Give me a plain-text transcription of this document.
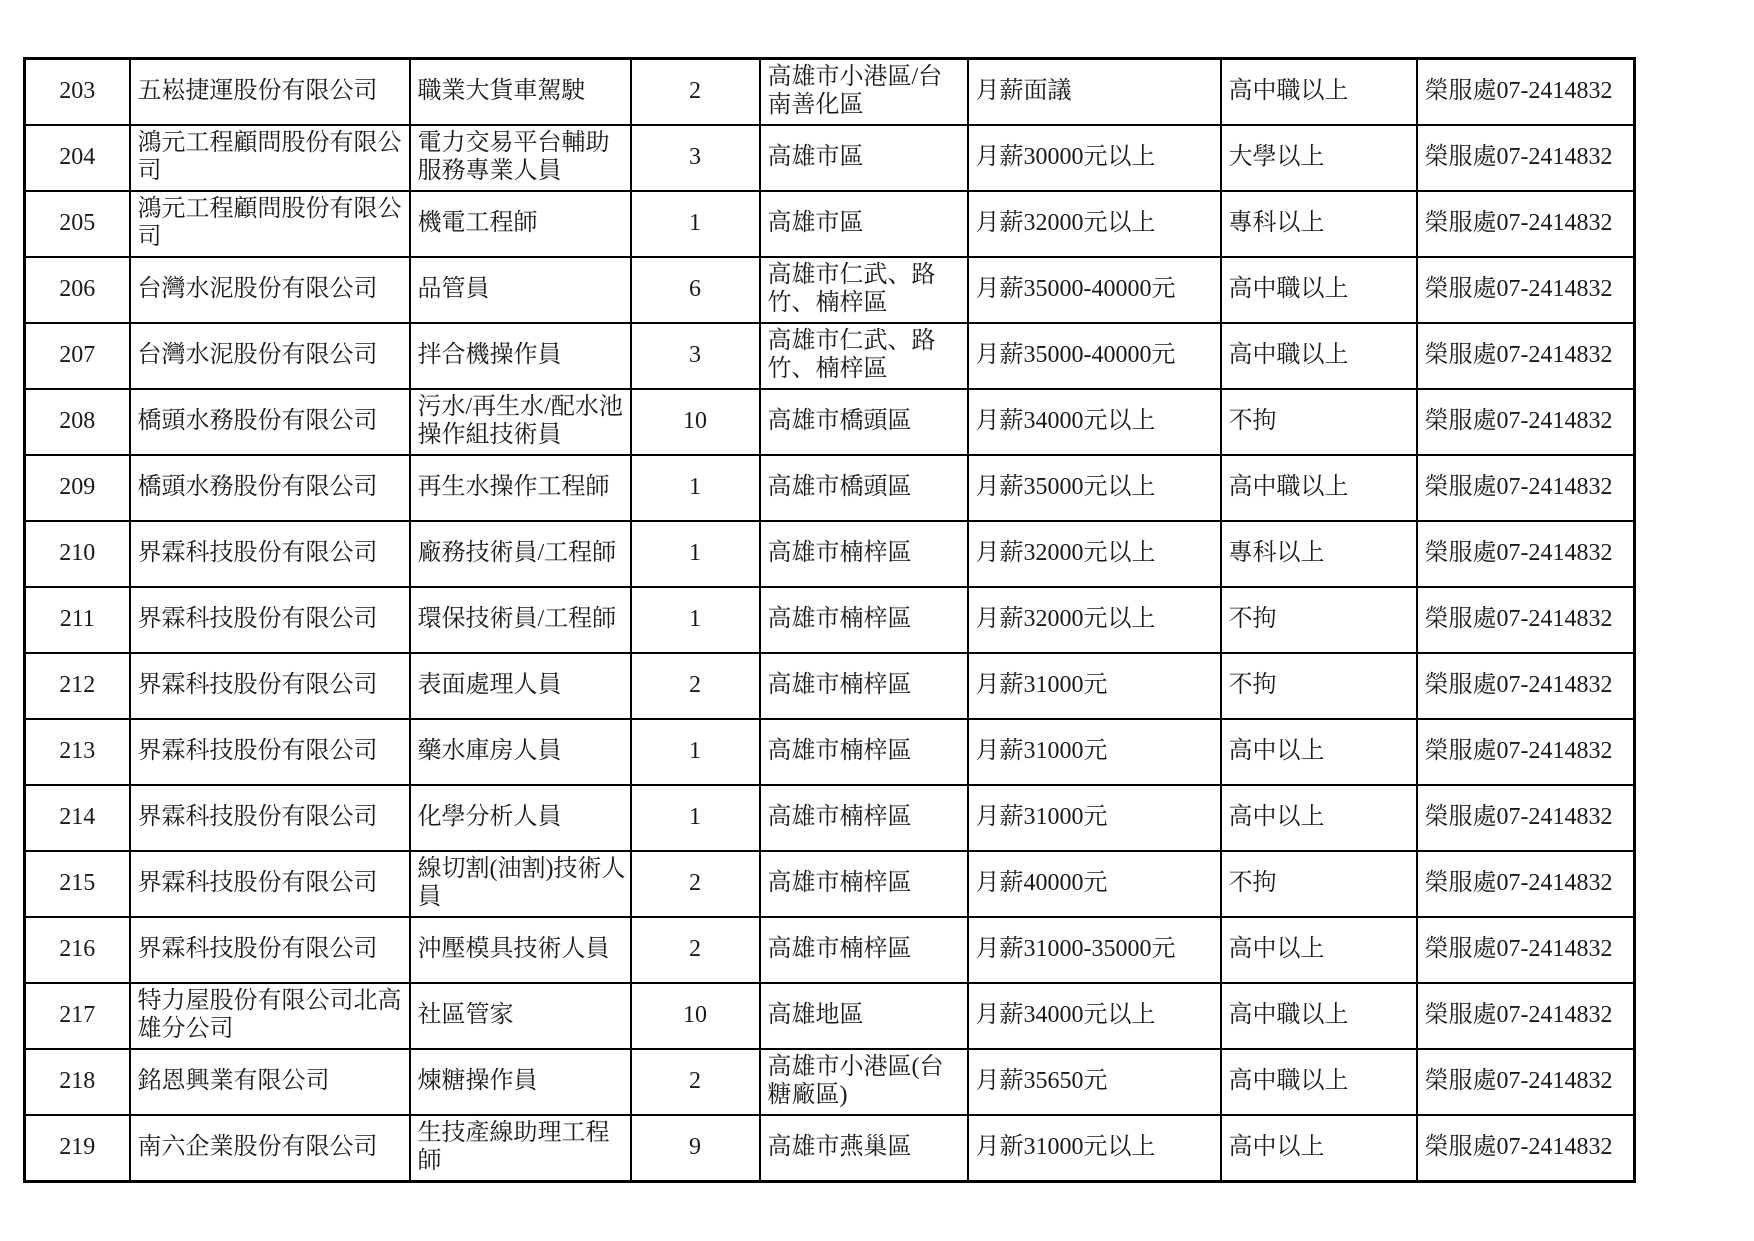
203	五崧捷運股份有限公司	職業大貨車駕駛	2	高雄市小港區/台南善化區	月薪面議	高中職以上	榮服處07-2414832
204	鴻元工程顧問股份有限公司	電力交易平台輔助服務專業人員	3	高雄市區	月薪30000元以上	大學以上	榮服處07-2414832
205	鴻元工程顧問股份有限公司	機電工程師	1	高雄市區	月薪32000元以上	專科以上	榮服處07-2414832
206	台灣水泥股份有限公司	品管員	6	高雄市仁武、路竹、楠梓區	月薪35000-40000元	高中職以上	榮服處07-2414832
207	台灣水泥股份有限公司	拌合機操作員	3	高雄市仁武、路竹、楠梓區	月薪35000-40000元	高中職以上	榮服處07-2414832
208	橋頭水務股份有限公司	污水/再生水/配水池操作組技術員	10	高雄市橋頭區	月薪34000元以上	不拘	榮服處07-2414832
209	橋頭水務股份有限公司	再生水操作工程師	1	高雄市橋頭區	月薪35000元以上	高中職以上	榮服處07-2414832
210	界霖科技股份有限公司	廠務技術員/工程師	1	高雄市楠梓區	月薪32000元以上	專科以上	榮服處07-2414832
211	界霖科技股份有限公司	環保技術員/工程師	1	高雄市楠梓區	月薪32000元以上	不拘	榮服處07-2414832
212	界霖科技股份有限公司	表面處理人員	2	高雄市楠梓區	月薪31000元	不拘	榮服處07-2414832
213	界霖科技股份有限公司	藥水庫房人員	1	高雄市楠梓區	月薪31000元	高中以上	榮服處07-2414832
214	界霖科技股份有限公司	化學分析人員	1	高雄市楠梓區	月薪31000元	高中以上	榮服處07-2414832
215	界霖科技股份有限公司	線切割(油割)技術人員	2	高雄市楠梓區	月薪40000元	不拘	榮服處07-2414832
216	界霖科技股份有限公司	沖壓模具技術人員	2	高雄市楠梓區	月薪31000-35000元	高中以上	榮服處07-2414832
217	特力屋股份有限公司北高雄分公司	社區管家	10	高雄地區	月薪34000元以上	高中職以上	榮服處07-2414832
218	銘恩興業有限公司	煉糖操作員	2	高雄市小港區(台糖廠區)	月薪35650元	高中職以上	榮服處07-2414832
219	南六企業股份有限公司	生技產線助理工程師	9	高雄市燕巢區	月新31000元以上	高中以上	榮服處07-2414832
